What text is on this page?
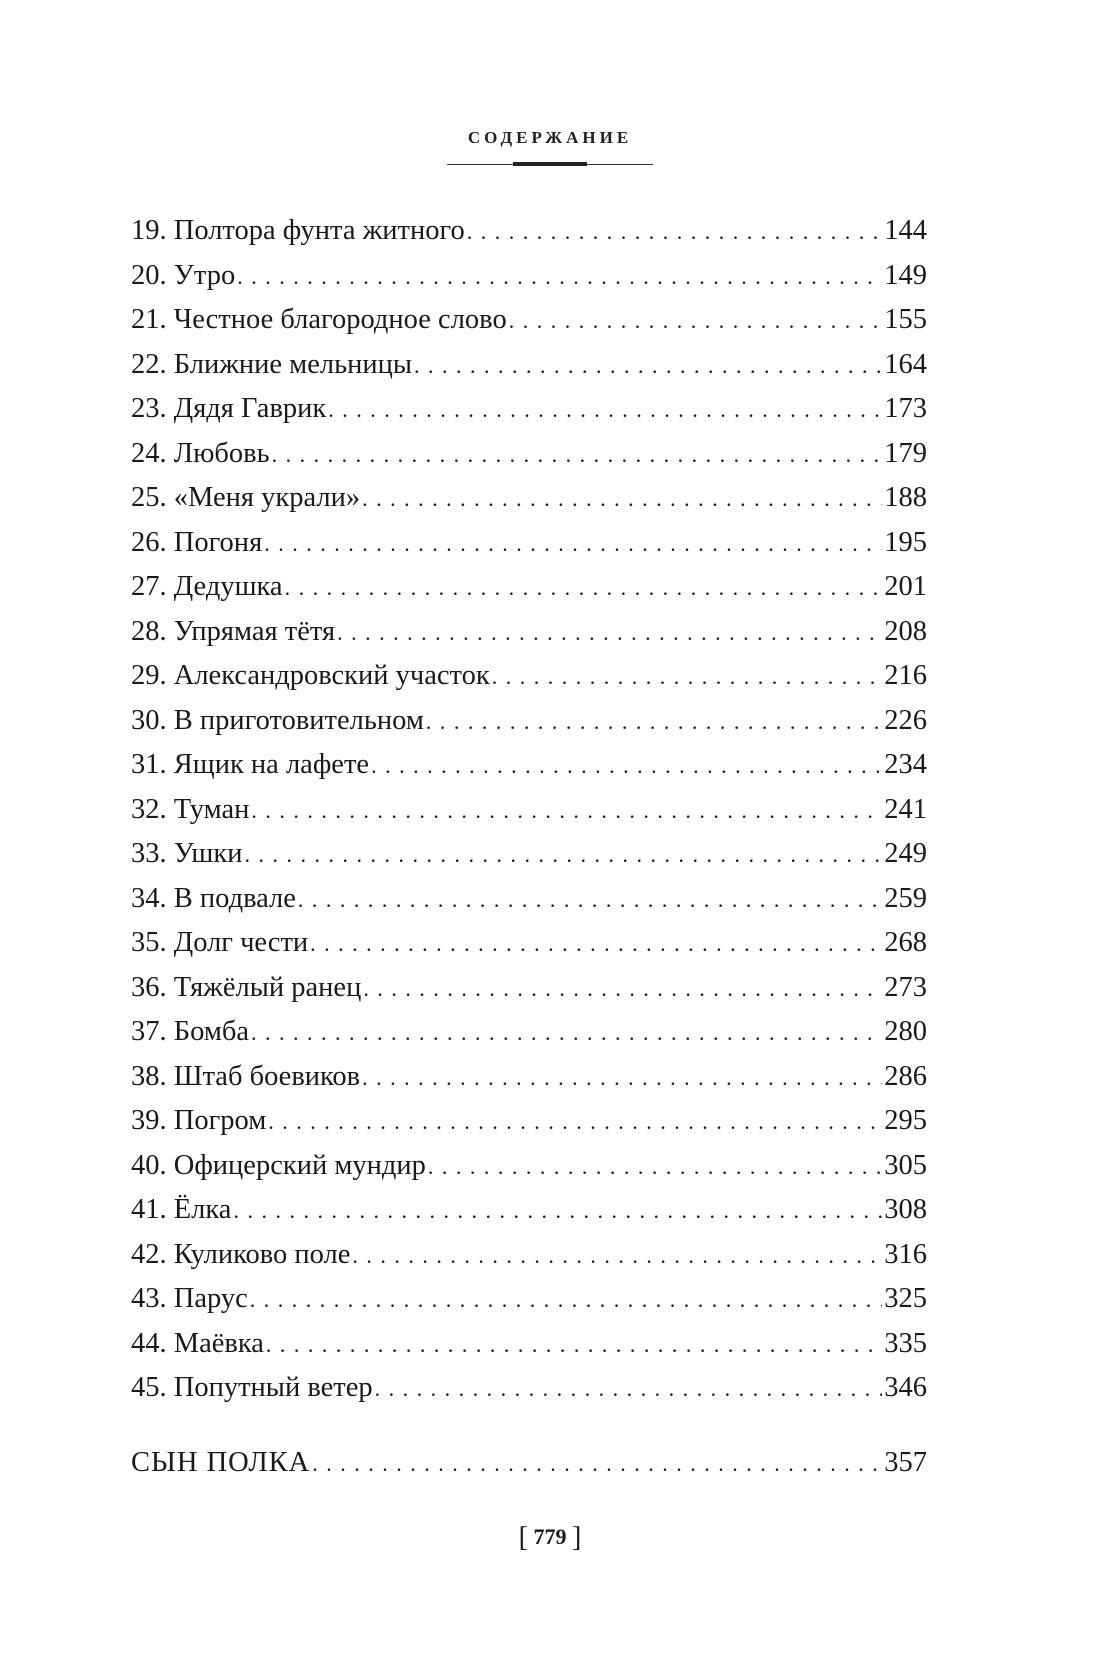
СОДЕРЖАНИЕ
19. Полтора фунта житного . . .	144
20. Утро . . .	149
21. Честное благородное слово . . .	155
22. Ближние мельницы . . .	164
23. Дядя Гаврик . . .	173
24. Любовь . . .	179
25. «Меня украли» . . .	188
26. Погоня . . .	195
27. Дедушка . . .	201
28. Упрямая тётя . . .	208
29. Александровский участок . . .	216
30. В приготовительном . . .	226
31. Ящик на лафете . . .	234
32. Туман . . .	241
33. Ушки . . .	249
34. В подвале . . .	259
35. Долг чести . . .	268
36. Тяжёлый ранец . . .	273
37. Бомба . . .	280
38. Штаб боевиков . . .	286
39. Погром . . .	295
40. Офицерский мундир . . .	305
41. Ёлка . . .	308
42. Куликово поле . . .	316
43. Парус . . .	325
44. Маёвка . . .	335
45. Попутный ветер . . .	346
СЫН ПОЛКА . . .	357
[ 779 ]
